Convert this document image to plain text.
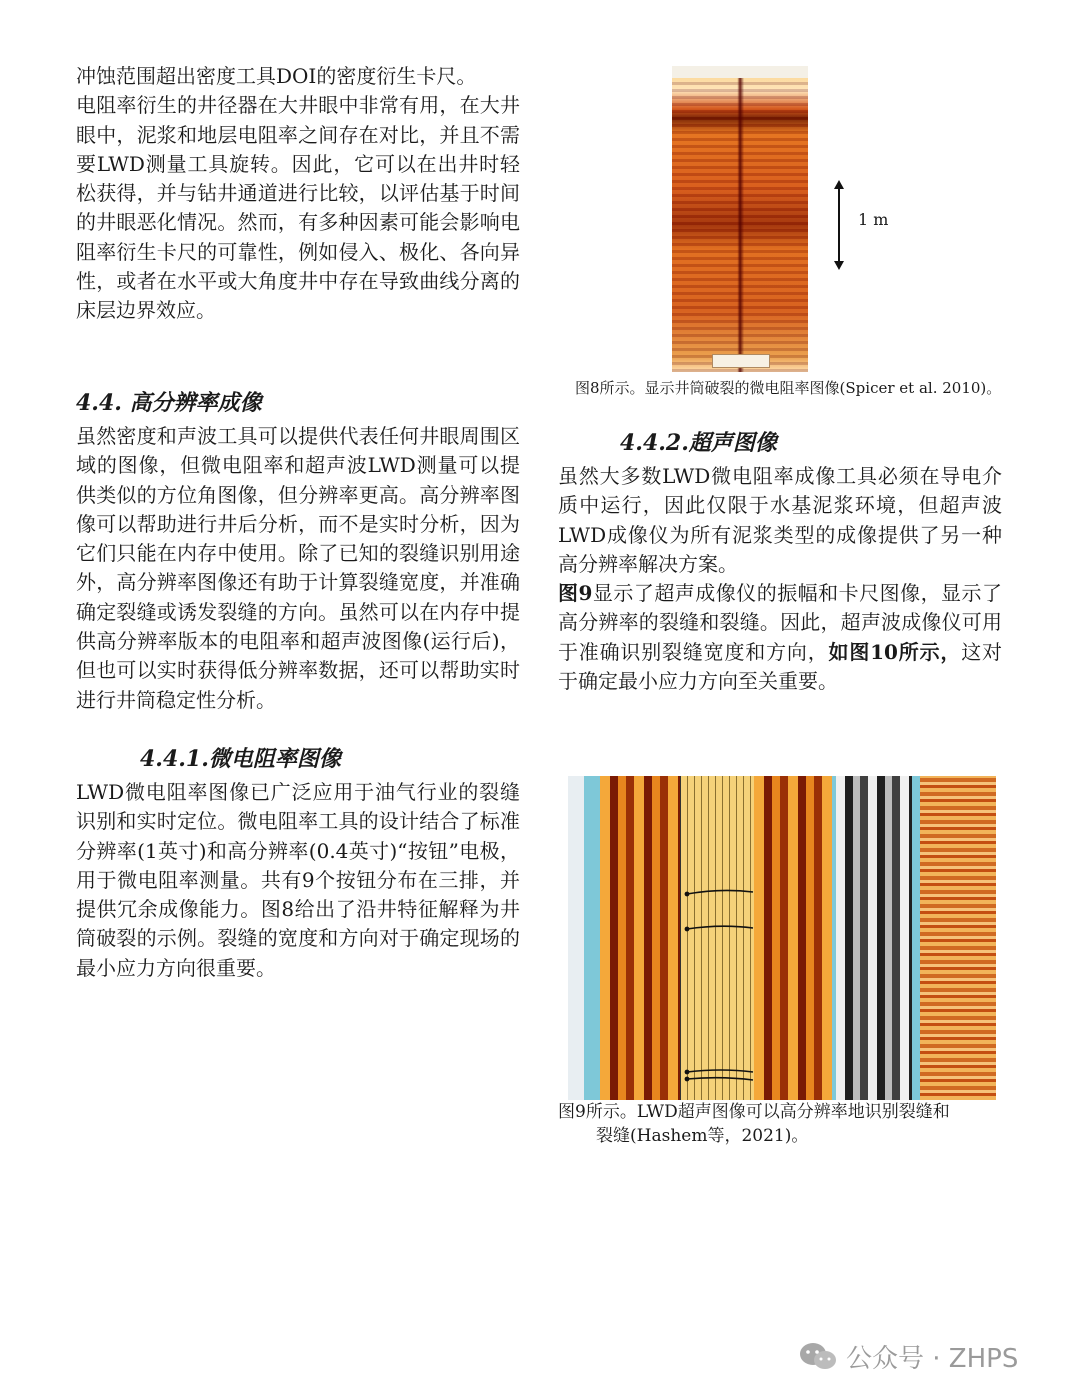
冲蚀范围超出密度工具DOI的密度衍生卡尺。

电阻率衍生的井径器在大井眼中非常有用，在大井眼中，泥浆和地层电阻率之间存在对比，并且不需要LWD测量工具旋转。因此，它可以在出井时轻松获得，并与钻井通道进行比较，以评估基于时间的井眼恶化情况。然而，有多种因素可能会影响电阻率衍生卡尺的可靠性，例如侵入、极化、各向异性，或者在水平或大角度井中存在导致曲线分离的床层边界效应。

4.4. 高分辨率成像

虽然密度和声波工具可以提供代表任何井眼周围区域的图像，但微电阻率和超声波LWD测量可以提供类似的方位角图像，但分辨率更高。高分辨率图像可以帮助进行井后分析，而不是实时分析，因为它们只能在内存中使用。除了已知的裂缝识别用途外，高分辨率图像还有助于计算裂缝宽度，并准确确定裂缝或诱发裂缝的方向。虽然可以在内存中提供高分辨率版本的电阻率和超声波图像(运行后)，但也可以实时获得低分辨率数据，还可以帮助实时进行井筒稳定性分析。

4.4.1.微电阻率图像

LWD微电阻率图像已广泛应用于油气行业的裂缝识别和实时定位。微电阻率工具的设计结合了标准分辨率(1英寸)和高分辨率(0.4英寸)“按钮”电极，用于微电阻率测量。共有9个按钮分布在三排，并提供冗余成像能力。图8给出了沿井特征解释为井筒破裂的示例。裂缝的宽度和方向对于确定现场的最小应力方向很重要。

1 m

图8所示。显示井筒破裂的微电阻率图像(Spicer et al. 2010)。

4.4.2.超声图像

虽然大多数LWD微电阻率成像工具必须在导电介质中运行，因此仅限于水基泥浆环境，但超声波LWD成像仪为所有泥浆类型的成像提供了另一种高分辨率解决方案。

图9显示了超声成像仪的振幅和卡尺图像，显示了高分辨率的裂缝和裂缝。因此，超声波成像仪可用于准确识别裂缝宽度和方向，如图10所示，这对于确定最小应力方向至关重要。

图9所示。LWD超声图像可以高分辨率地识别裂缝和

裂缝(Hashem等，2021)。

公众号 · ZHPS
